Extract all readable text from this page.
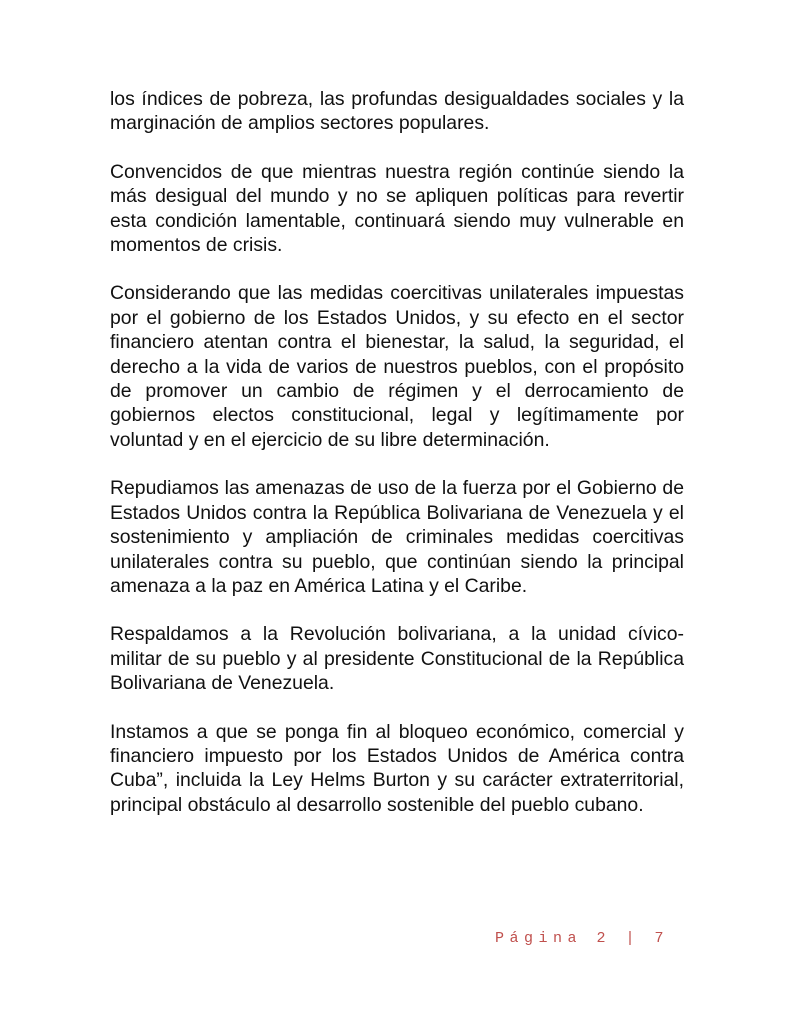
los índices de pobreza, las profundas desigualdades sociales y la marginación de amplios sectores populares.

Convencidos de que mientras nuestra región continúe siendo la más desigual del mundo y no se apliquen políticas para revertir esta condición lamentable, continuará siendo muy vulnerable en momentos de crisis.

Considerando que las medidas coercitivas unilaterales impuestas por el gobierno de los Estados Unidos, y su efecto en el sector financiero atentan contra el bienestar, la salud, la seguridad, el derecho a la vida de varios de nuestros pueblos, con el propósito de promover un cambio de régimen y el derrocamiento de gobiernos electos constitucional, legal y legítimamente por voluntad y en el ejercicio de su libre determinación.

Repudiamos las amenazas de uso de la fuerza por el Gobierno de Estados Unidos contra la República Bolivariana de Venezuela y el sostenimiento y ampliación de criminales medidas coercitivas unilaterales contra su pueblo, que continúan siendo la principal amenaza a la paz en América Latina y el Caribe.

Respaldamos a la Revolución bolivariana, a la unidad cívico-militar de su pueblo y al presidente Constitucional de la República Bolivariana de Venezuela.

Instamos a que se ponga fin al bloqueo económico, comercial y financiero impuesto por los Estados Unidos de América contra Cuba”, incluida la Ley Helms Burton y su carácter extraterritorial, principal obstáculo al desarrollo sostenible del pueblo cubano.

Página 2 | 7
